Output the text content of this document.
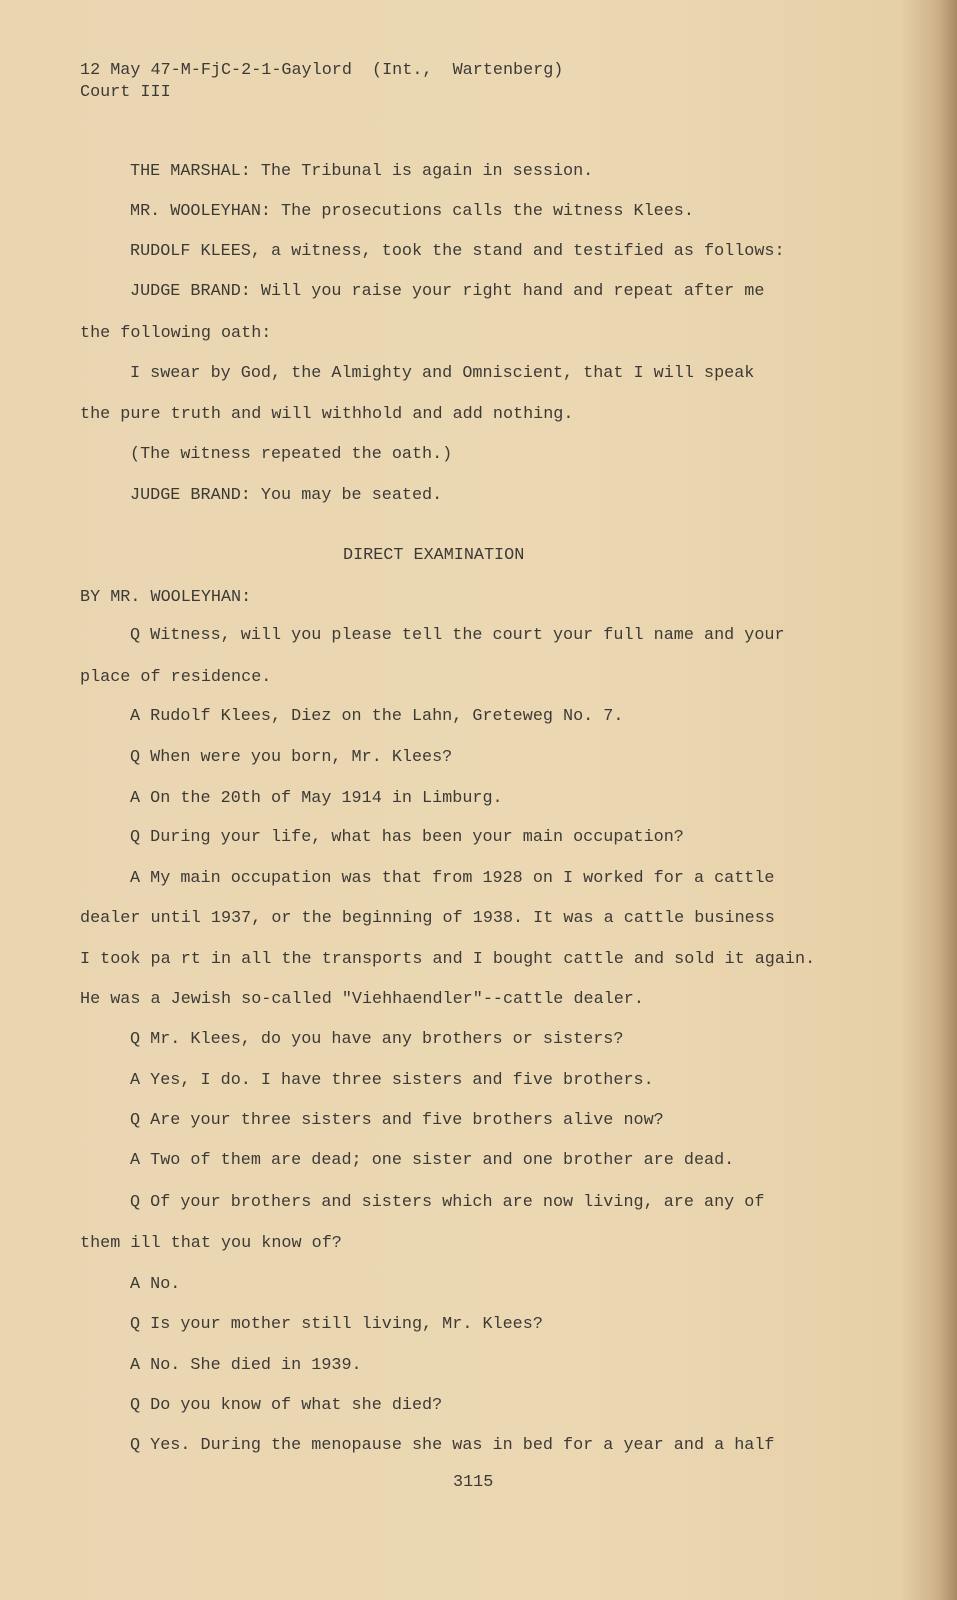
12 May 47-M-FjC-2-1-Gaylord  (Int.,  Wartenberg)
Court III
THE MARSHAL: The Tribunal is again in session.
MR. WOOLEYHAN: The prosecutions calls the witness Klees.
RUDOLF KLEES, a witness, took the stand and testified as follows:
JUDGE BRAND: Will you raise your right hand and repeat after me
the following oath:
I swear by God, the Almighty and Omniscient, that I will speak
the pure truth and will withhold and add nothing.
(The witness repeated the oath.)
JUDGE BRAND: You may be seated.
DIRECT EXAMINATION
BY MR. WOOLEYHAN:
Q Witness, will you please tell the court your full name and your
place of residence.
A Rudolf Klees, Diez on the Lahn, Greteweg No. 7.
Q When were you born, Mr. Klees?
A On the 20th of May 1914 in Limburg.
Q During your life, what has been your main occupation?
A My main occupation was that from 1928 on I worked for a cattle
dealer until 1937, or the beginning of 1938. It was a cattle business
I took pa rt in all the transports and I bought cattle and sold it again.
He was a Jewish so-called "Viehhaendler"--cattle dealer.
Q Mr. Klees, do you have any brothers or sisters?
A Yes, I do. I have three sisters and five brothers.
Q Are your three sisters and five brothers alive now?
A Two of them are dead; one sister and one brother are dead.
Q Of your brothers and sisters which are now living, are any of
them ill that you know of?
A No.
Q Is your mother still living, Mr. Klees?
A No. She died in 1939.
Q Do you know of what she died?
Q Yes. During the menopause she was in bed for a year and a half
3115
